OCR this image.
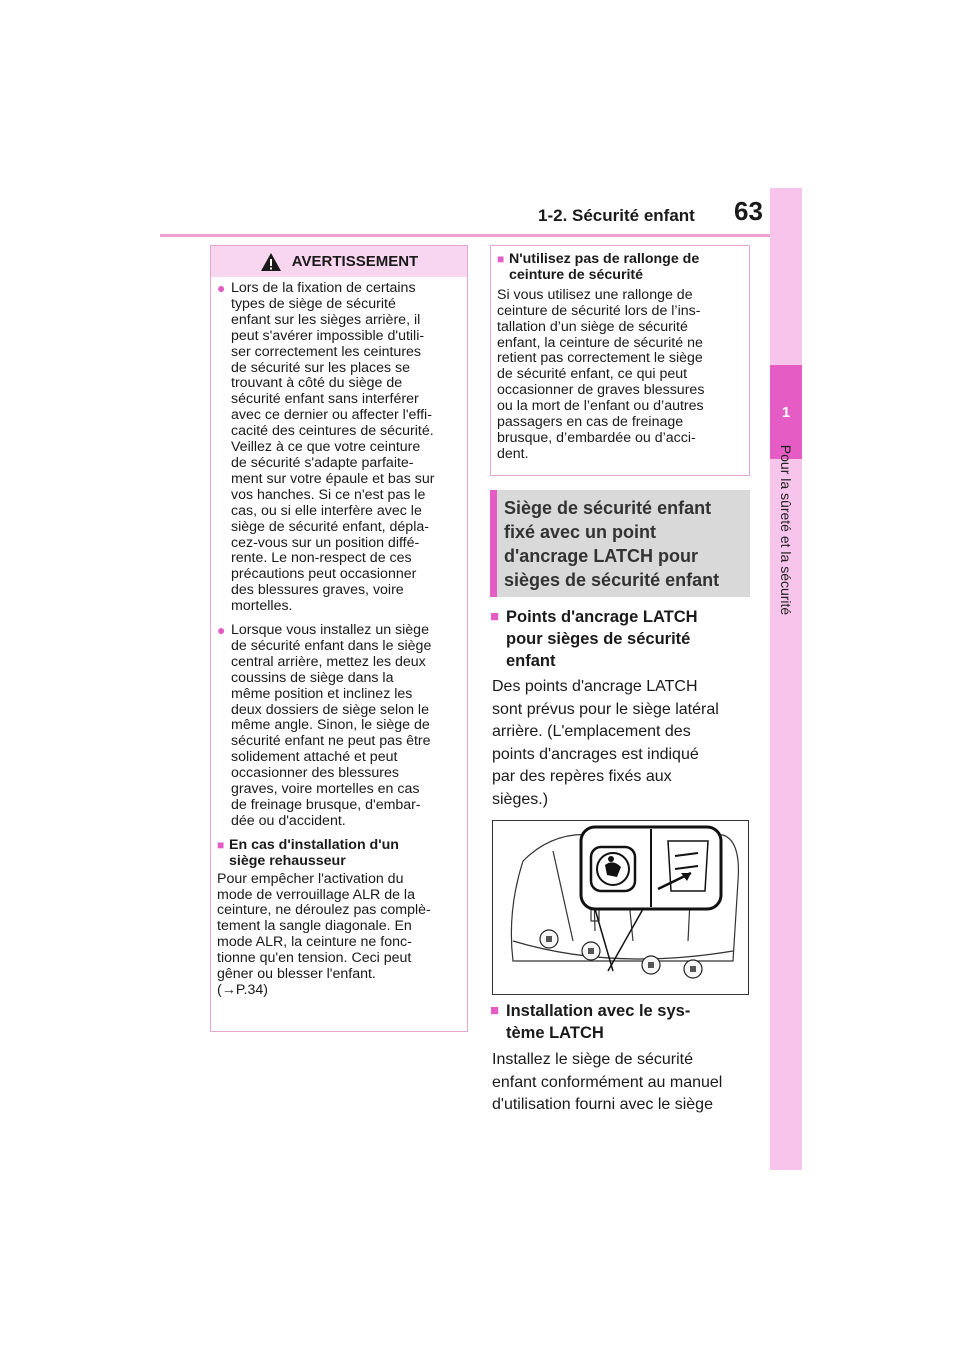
1-2. Sécurité enfant 63
1
Pour la sûreté et la sécurité
AVERTISSEMENT
● Lors de la fixation de certains
types de siège de sécurité
enfant sur les sièges arrière, il
peut s'avérer impossible d'utili-
ser correctement les ceintures
de sécurité sur les places se
trouvant à côté du siège de
sécurité enfant sans interférer
avec ce dernier ou affecter l'effi-
cacité des ceintures de sécurité.
Veillez à ce que votre ceinture
de sécurité s'adapte parfaite-
ment sur votre épaule et bas sur
vos hanches. Si ce n'est pas le
cas, ou si elle interfère avec le
siège de sécurité enfant, dépla-
cez-vous sur un position diffé-
rente. Le non-respect de ces
précautions peut occasionner
des blessures graves, voire
mortelles.
● Lorsque vous installez un siège
de sécurité enfant dans le siège
central arrière, mettez les deux
coussins de siège dans la
même position et inclinez les
deux dossiers de siège selon le
même angle. Sinon, le siège de
sécurité enfant ne peut pas être
solidement attaché et peut
occasionner des blessures
graves, voire mortelles en cas
de freinage brusque, d'embar-
dée ou d'accident.
■ En cas d'installation d'un
siège rehausseur
Pour empêcher l'activation du
mode de verrouillage ALR de la
ceinture, ne déroulez pas complè-
tement la sangle diagonale. En
mode ALR, la ceinture ne fonc-
tionne qu'en tension. Ceci peut
gêner ou blesser l'enfant.
(→P.34)
■ N'utilisez pas de rallonge de
ceinture de sécurité
Si vous utilisez une rallonge de
ceinture de sécurité lors de l’ins-
tallation d’un siège de sécurité
enfant, la ceinture de sécurité ne
retient pas correctement le siège
de sécurité enfant, ce qui peut
occasionner de graves blessures
ou la mort de l’enfant ou d’autres
passagers en cas de freinage
brusque, d’embardée ou d’acci-
dent.
Siège de sécurité enfant
fixé avec un point
d'ancrage LATCH pour
sièges de sécurité enfant
■ Points d'ancrage LATCH
pour sièges de sécurité
enfant
Des points d'ancrage LATCH
sont prévus pour le siège latéral
arrière. (L'emplacement des
points d'ancrages est indiqué
par des repères fixés aux
sièges.)
■ Installation avec le sys-
tème LATCH
Installez le siège de sécurité
enfant conformément au manuel
d'utilisation fourni avec le siège
